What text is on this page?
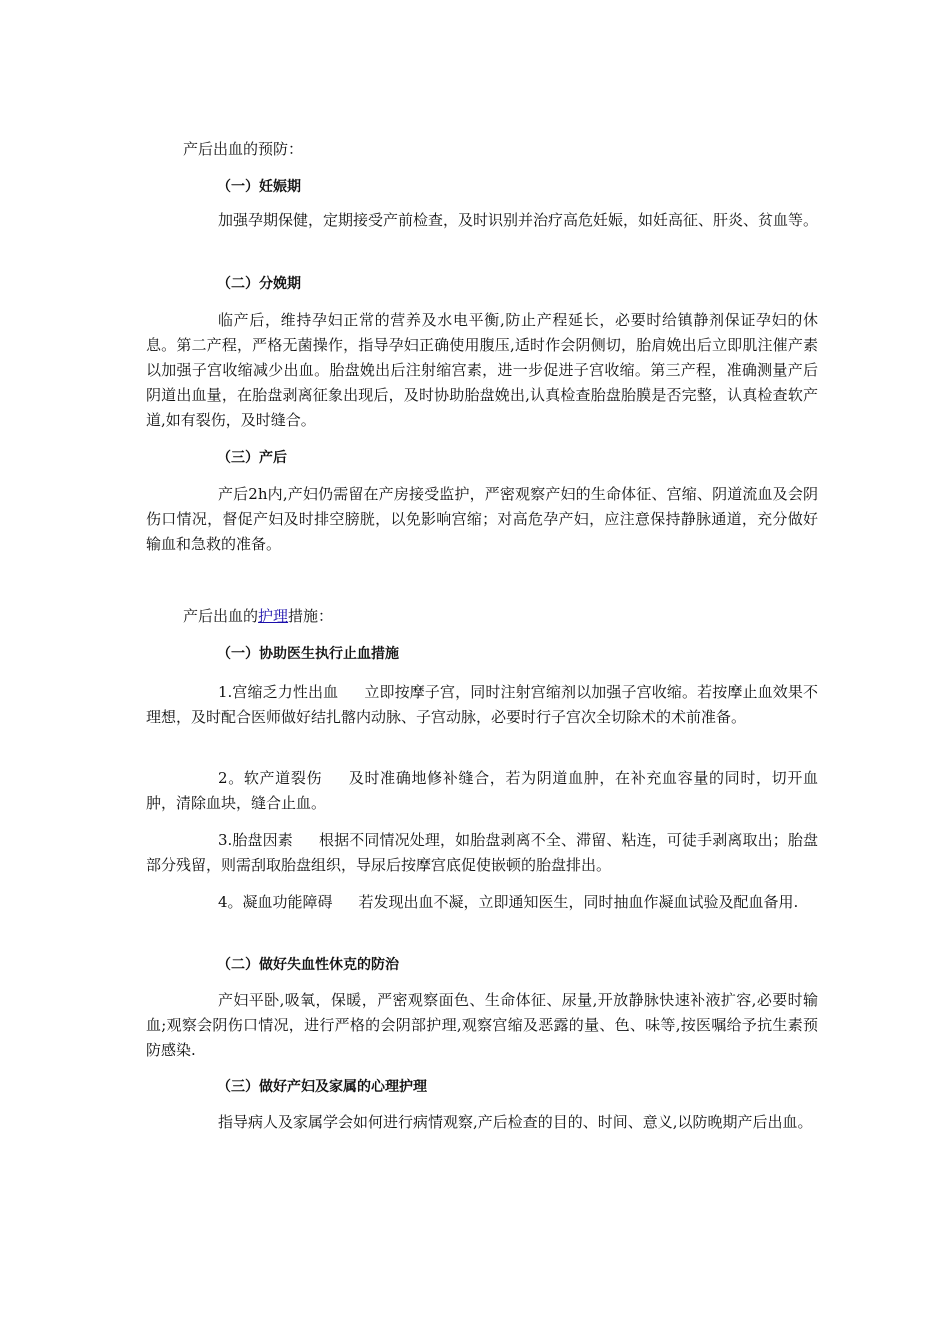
产后出血的预防：
（一）妊娠期
加强孕期保健，定期接受产前检查，及时识别并治疗高危妊娠，如妊高征、肝炎、贫血等。
（二）分娩期
临产后，维持孕妇正常的营养及水电平衡,防止产程延长，必要时给镇静剂保证孕妇的休息。第二产程，严格无菌操作，指导孕妇正确使用腹压,适时作会阴侧切，胎肩娩出后立即肌注催产素以加强子宫收缩减少出血。胎盘娩出后注射缩宫素，进一步促进子宫收缩。第三产程，准确测量产后阴道出血量，在胎盘剥离征象出现后，及时协助胎盘娩出,认真检查胎盘胎膜是否完整，认真检查软产道,如有裂伤，及时缝合。
（三）产后
产后2h内,产妇仍需留在产房接受监护，严密观察产妇的生命体征、宫缩、阴道流血及会阴伤口情况，督促产妇及时排空膀胱，以免影响宫缩；对高危孕产妇，应注意保持静脉通道，充分做好输血和急救的准备。
产后出血的护理措施：
（一）协助医生执行止血措施
1.宫缩乏力性出血 立即按摩子宫，同时注射宫缩剂以加强子宫收缩。若按摩止血效果不理想，及时配合医师做好结扎髂内动脉、子宫动脉，必要时行子宫次全切除术的术前准备。
2。软产道裂伤 及时准确地修补缝合，若为阴道血肿，在补充血容量的同时，切开血肿，清除血块，缝合止血。
3.胎盘因素 根据不同情况处理，如胎盘剥离不全、滞留、粘连，可徒手剥离取出；胎盘部分残留，则需刮取胎盘组织，导尿后按摩宫底促使嵌顿的胎盘排出。
4。凝血功能障碍 若发现出血不凝，立即通知医生，同时抽血作凝血试验及配血备用.
（二）做好失血性休克的防治
产妇平卧,吸氧，保暖，严密观察面色、生命体征、尿量,开放静脉快速补液扩容,必要时输血;观察会阴伤口情况，进行严格的会阴部护理,观察宫缩及恶露的量、色、味等,按医嘱给予抗生素预防感染.
（三）做好产妇及家属的心理护理
指导病人及家属学会如何进行病情观察,产后检查的目的、时间、意义,以防晚期产后出血。
